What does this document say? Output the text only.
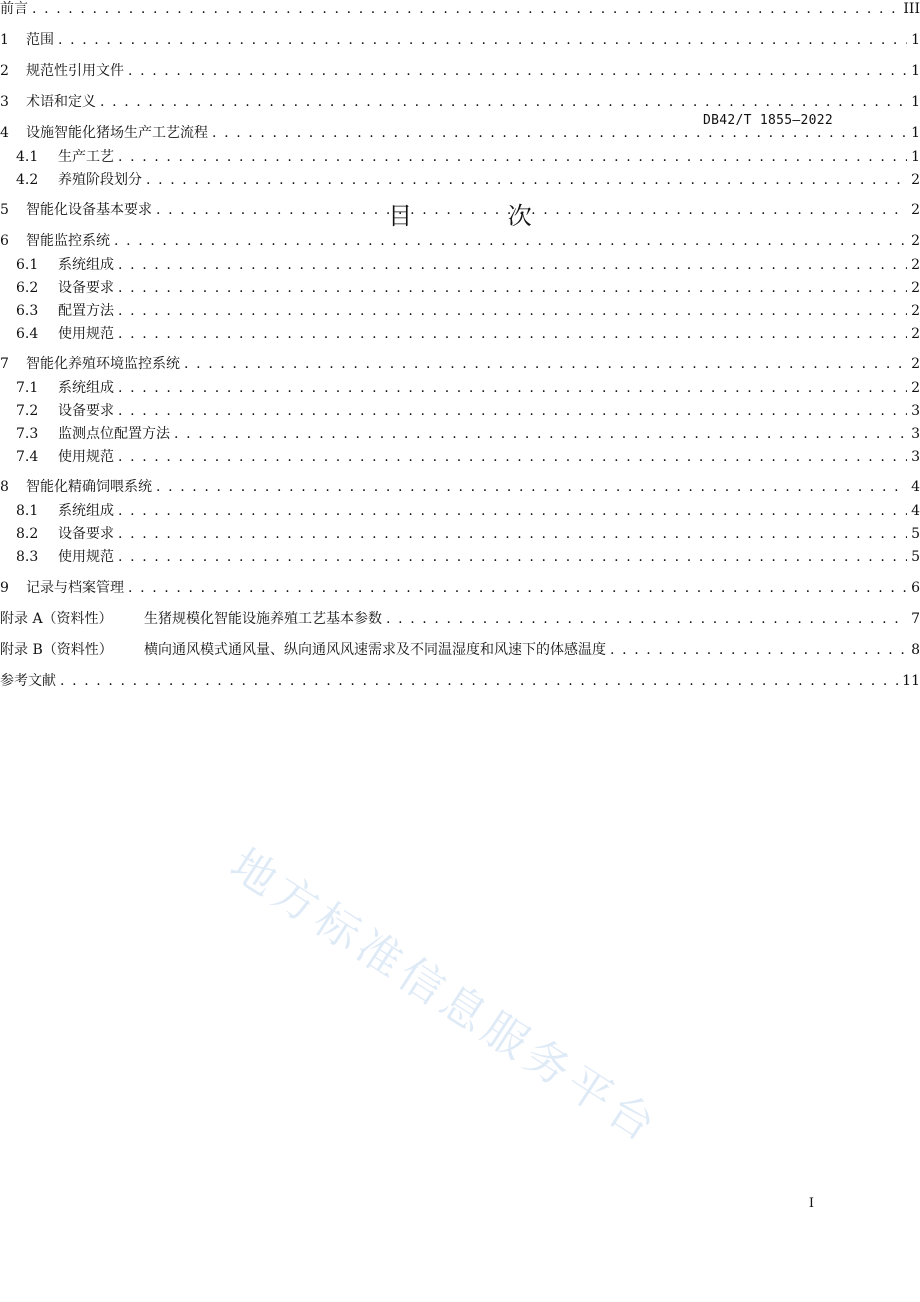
DB42/T 1855—2022
目 次
前言 . . .	III
1	范围 . . .	1
2	规范性引用文件 . . .	1
3	术语和定义 . . .	1
4	设施智能化猪场生产工艺流程 . . .	1
4.1	生产工艺 . . .	1
4.2	养殖阶段划分 . . .	2
5	智能化设备基本要求 . . .	2
6	智能监控系统 . . .	2
6.1	系统组成 . . .	2
6.2	设备要求 . . .	2
6.3	配置方法 . . .	2
6.4	使用规范 . . .	2
7	智能化养殖环境监控系统 . . .	2
7.1	系统组成 . . .	2
7.2	设备要求 . . .	3
7.3	监测点位配置方法 . . .	3
7.4	使用规范 . . .	3
8	智能化精确饲喂系统 . . .	4
8.1	系统组成 . . .	4
8.2	设备要求 . . .	5
8.3	使用规范 . . .	5
9	记录与档案管理 . . .	6
附录 A（资料性）	生猪规模化智能设施养殖工艺基本参数 . . .	7
附录 B（资料性）	横向通风模式通风量、纵向通风风速需求及不同温湿度和风速下的体感温度 . . .	8
参考文献 . . .	11
I
地方标准信息服务平台
